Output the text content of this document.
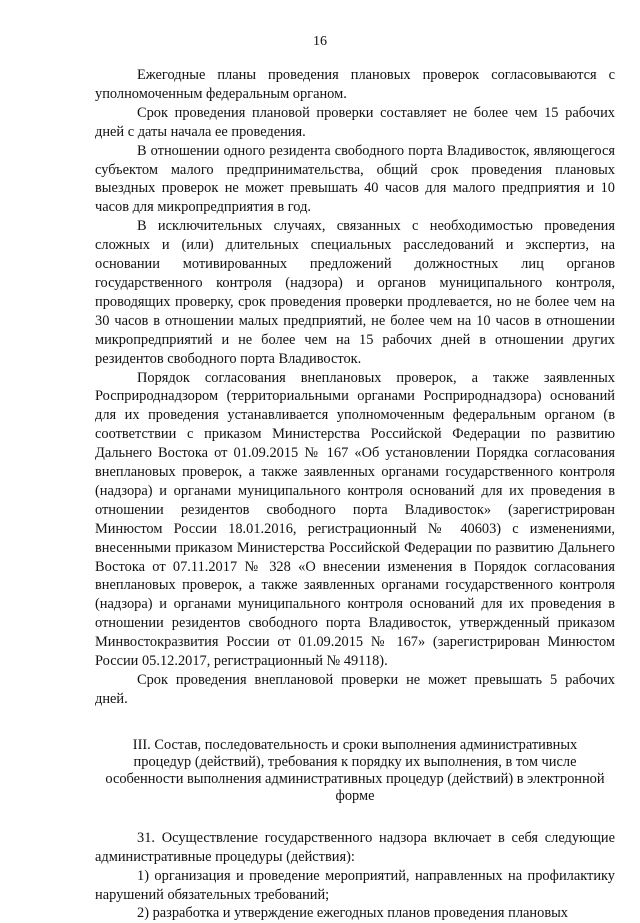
16

Ежегодные планы проведения плановых проверок согласовываются с уполномоченным федеральным органом.

Срок проведения плановой проверки составляет не более чем 15 рабочих дней с даты начала ее проведения.

В отношении одного резидента свободного порта Владивосток, являющегося субъектом малого предпринимательства, общий срок проведения плановых выездных проверок не может превышать 40 часов для малого предприятия и 10 часов для микропредприятия в год.

В исключительных случаях, связанных с необходимостью проведения сложных и (или) длительных специальных расследований и экспертиз, на основании мотивированных предложений должностных лиц органов государственного контроля (надзора) и органов муниципального контроля, проводящих проверку, срок проведения проверки продлевается, но не более чем на 30 часов в отношении малых предприятий, не более чем на 10 часов в отношении микропредприятий и не более чем на 15 рабочих дней в отношении других резидентов свободного порта Владивосток.

Порядок согласования внеплановых проверок, а также заявленных Росприроднадзором (территориальными органами Росприроднадзора) оснований для их проведения устанавливается уполномоченным федеральным органом (в соответствии с приказом Министерства Российской Федерации по развитию Дальнего Востока от 01.09.2015 № 167 «Об установлении Порядка согласования внеплановых проверок, а также заявленных органами государственного контроля (надзора) и органами муниципального контроля оснований для их проведения в отношении резидентов свободного порта Владивосток» (зарегистрирован Минюстом России 18.01.2016, регистрационный № 40603) с изменениями, внесенными приказом Министерства Российской Федерации по развитию Дальнего Востока от 07.11.2017 № 328 «О внесении изменения в Порядок согласования внеплановых проверок, а также заявленных органами государственного контроля (надзора) и органами муниципального контроля оснований для их проведения в отношении резидентов свободного порта Владивосток, утвержденный приказом Минвостокразвития России от 01.09.2015 № 167» (зарегистрирован Минюстом России 05.12.2017, регистрационный № 49118).

Срок проведения внеплановой проверки не может превышать 5 рабочих дней.

III. Состав, последовательность и сроки выполнения административных процедур (действий), требования к порядку их выполнения, в том числе особенности выполнения административных процедур (действий) в электронной форме

31. Осуществление государственного надзора включает в себя следующие административные процедуры (действия):

1) организация и проведение мероприятий, направленных на профилактику нарушений обязательных требований;

2) разработка и утверждение ежегодных планов проведения плановых
